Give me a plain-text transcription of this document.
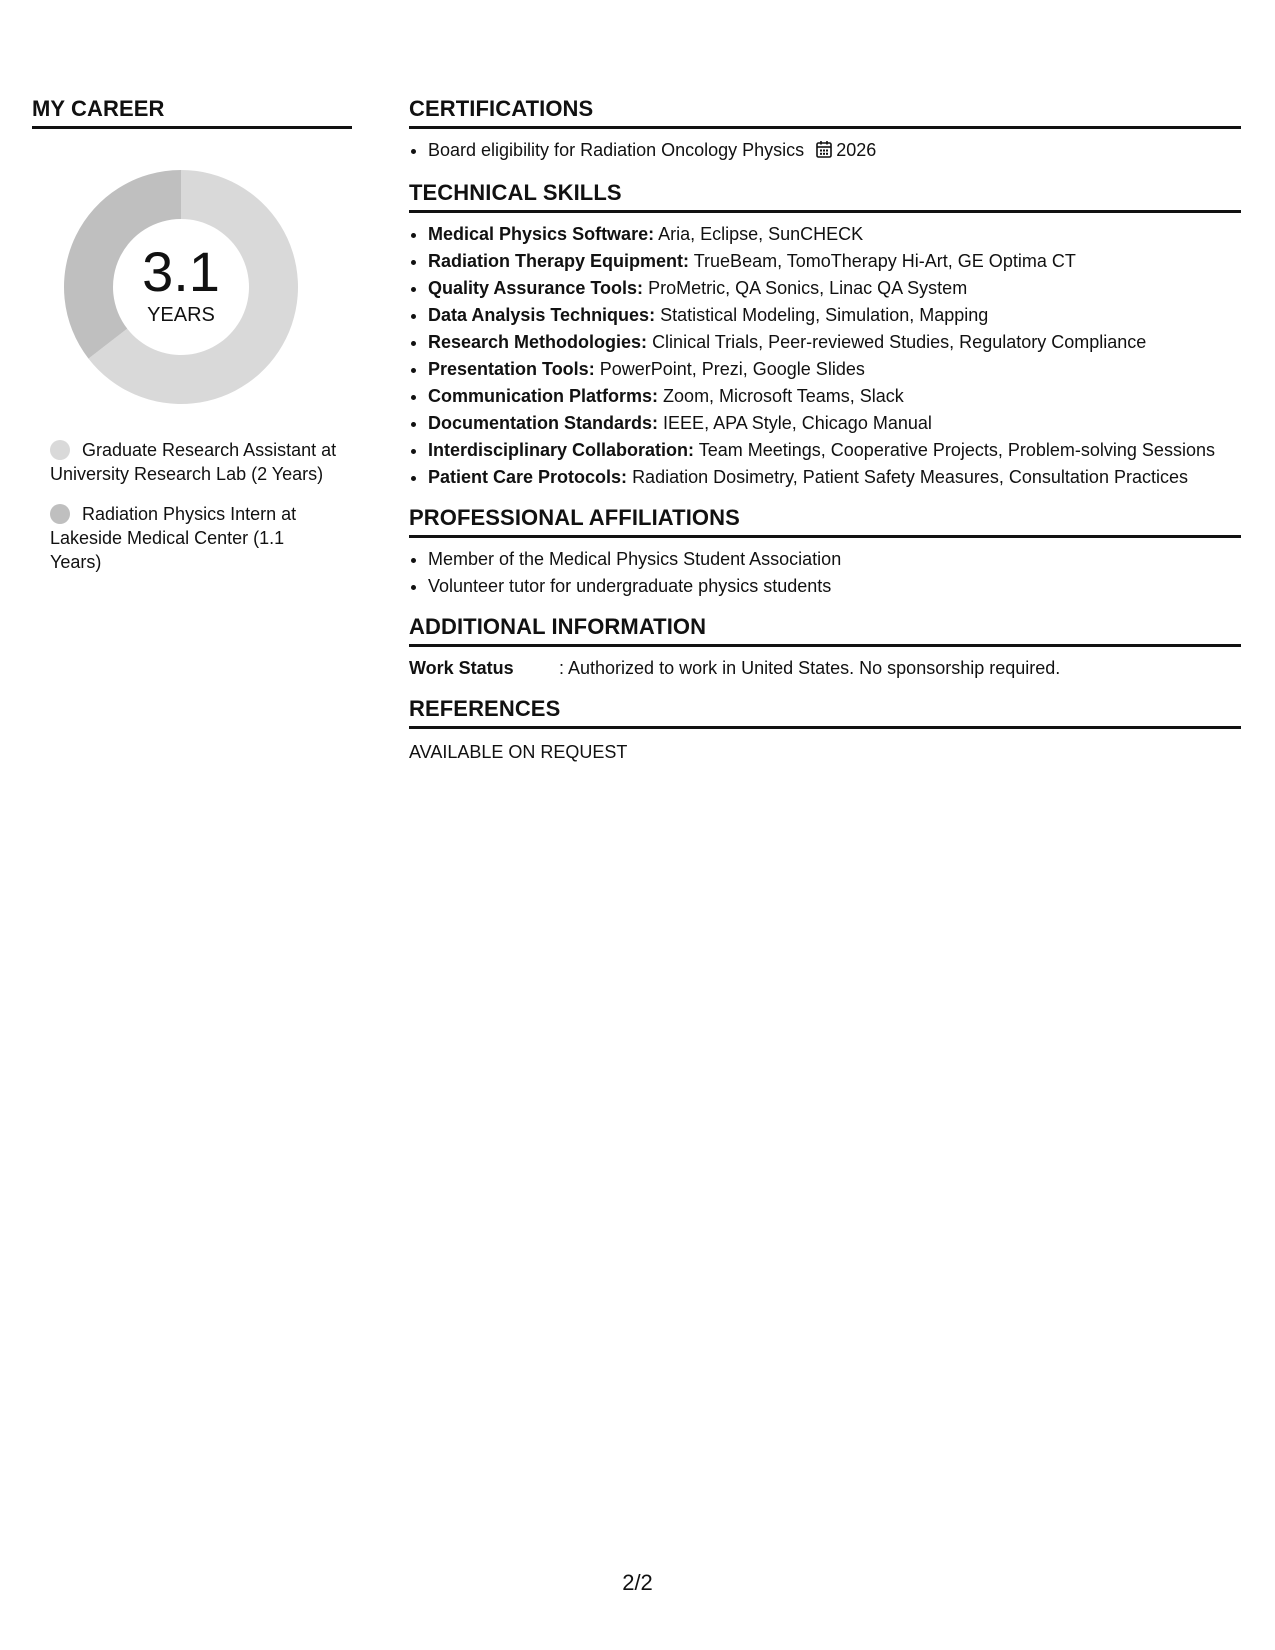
MY CAREER
3.1
YEARS
Graduate Research Assistant at University Research Lab (2 Years)
Radiation Physics Intern at Lakeside Medical Center (1.1 Years)
CERTIFICATIONS
• Board eligibility for Radiation Oncology Physics 2026
TECHNICAL SKILLS
• Medical Physics Software: Aria, Eclipse, SunCHECK
• Radiation Therapy Equipment: TrueBeam, TomoTherapy Hi-Art, GE Optima CT
• Quality Assurance Tools: ProMetric, QA Sonics, Linac QA System
• Data Analysis Techniques: Statistical Modeling, Simulation, Mapping
• Research Methodologies: Clinical Trials, Peer-reviewed Studies, Regulatory Compliance
• Presentation Tools: PowerPoint, Prezi, Google Slides
• Communication Platforms: Zoom, Microsoft Teams, Slack
• Documentation Standards: IEEE, APA Style, Chicago Manual
• Interdisciplinary Collaboration: Team Meetings, Cooperative Projects, Problem-solving Sessions
• Patient Care Protocols: Radiation Dosimetry, Patient Safety Measures, Consultation Practices
PROFESSIONAL AFFILIATIONS
• Member of the Medical Physics Student Association
• Volunteer tutor for undergraduate physics students
ADDITIONAL INFORMATION
Work Status	: Authorized to work in United States. No sponsorship required.
REFERENCES
AVAILABLE ON REQUEST
2/2
